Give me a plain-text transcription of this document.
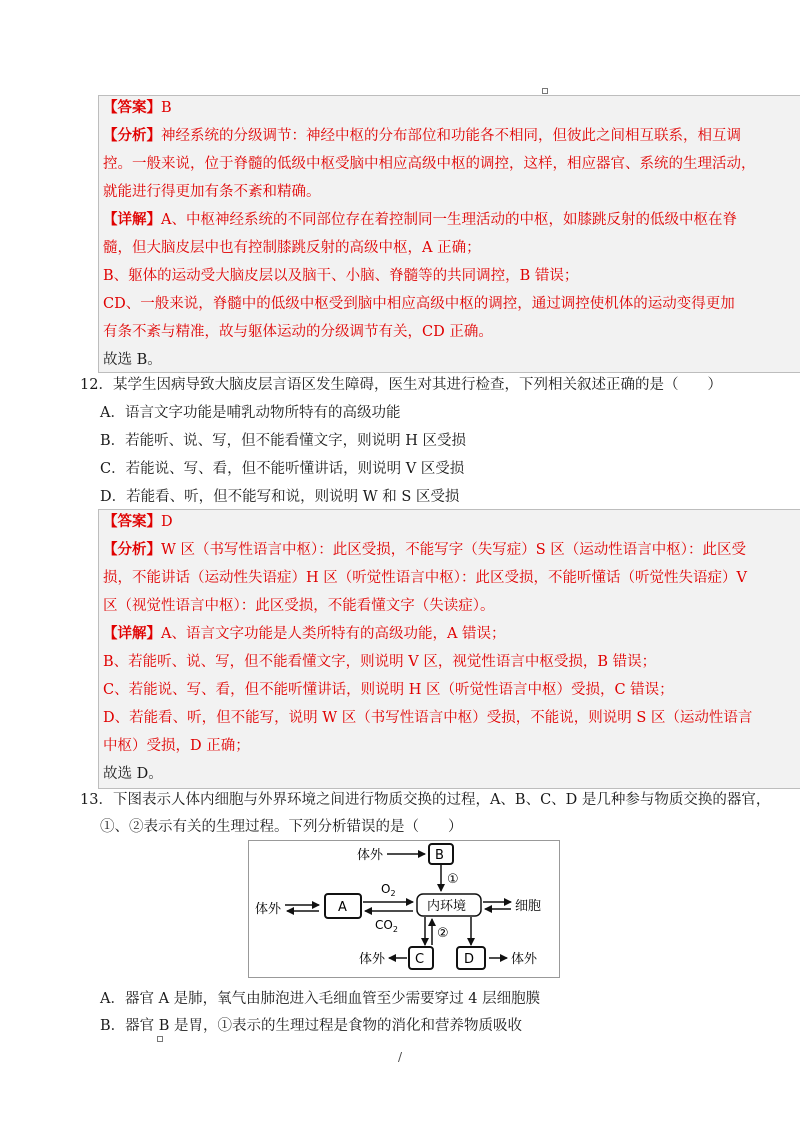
【答案】B
【分析】神经系统的分级调节：神经中枢的分布部位和功能各不相同，但彼此之间相互联系，相互调
控。一般来说，位于脊髓的低级中枢受脑中相应高级中枢的调控，这样，相应器官、系统的生理活动，
就能进行得更加有条不紊和精确。
【详解】A、中枢神经系统的不同部位存在着控制同一生理活动的中枢，如膝跳反射的低级中枢在脊
髓，但大脑皮层中也有控制膝跳反射的高级中枢，A 正确；
B、躯体的运动受大脑皮层以及脑干、小脑、脊髓等的共同调控，B 错误；
CD、一般来说，脊髓中的低级中枢受到脑中相应高级中枢的调控，通过调控使机体的运动变得更加
有条不紊与精准，故与躯体运动的分级调节有关，CD 正确。
故选 B。
12．某学生因病导致大脑皮层言语区发生障碍，医生对其进行检查，下列相关叙述正确的是（　　）
A．语言文字功能是哺乳动物所特有的高级功能
B．若能听、说、写，但不能看懂文字，则说明 H 区受损
C．若能说、写、看，但不能听懂讲话，则说明 V 区受损
D．若能看、听，但不能写和说，则说明 W 和 S 区受损
【答案】D
【分析】W 区（书写性语言中枢）：此区受损，不能写字（失写症）S 区（运动性语言中枢）：此区受
损，不能讲话（运动性失语症）H 区（听觉性语言中枢）：此区受损，不能听懂话（听觉性失语症）V
区（视觉性语言中枢）：此区受损，不能看懂文字（失读症）。
【详解】A、语言文字功能是人类所特有的高级功能，A 错误；
B、若能听、说、写，但不能看懂文字，则说明 V 区，视觉性语言中枢受损，B 错误；
C、若能说、写、看，但不能听懂讲话，则说明 H 区（听觉性语言中枢）受损，C 错误；
D、若能看、听，但不能写，说明 W 区（书写性语言中枢）受损，不能说，则说明 S 区（运动性语言
中枢）受损，D 正确；
故选 D。
13．下图表示人体内细胞与外界环境之间进行物质交换的过程，A、B、C、D 是几种参与物质交换的器官，
①、②表示有关的生理过程。下列分析错误的是（　　）
体外	B
①
体外	A
$O_2$
$CO_2$
内环境	细胞
②
C
体外	D	体外
A．器官 A 是肺，氧气由肺泡进入毛细血管至少需要穿过 4 层细胞膜
B．器官 B 是胃，①表示的生理过程是食物的消化和营养物质吸收
/
